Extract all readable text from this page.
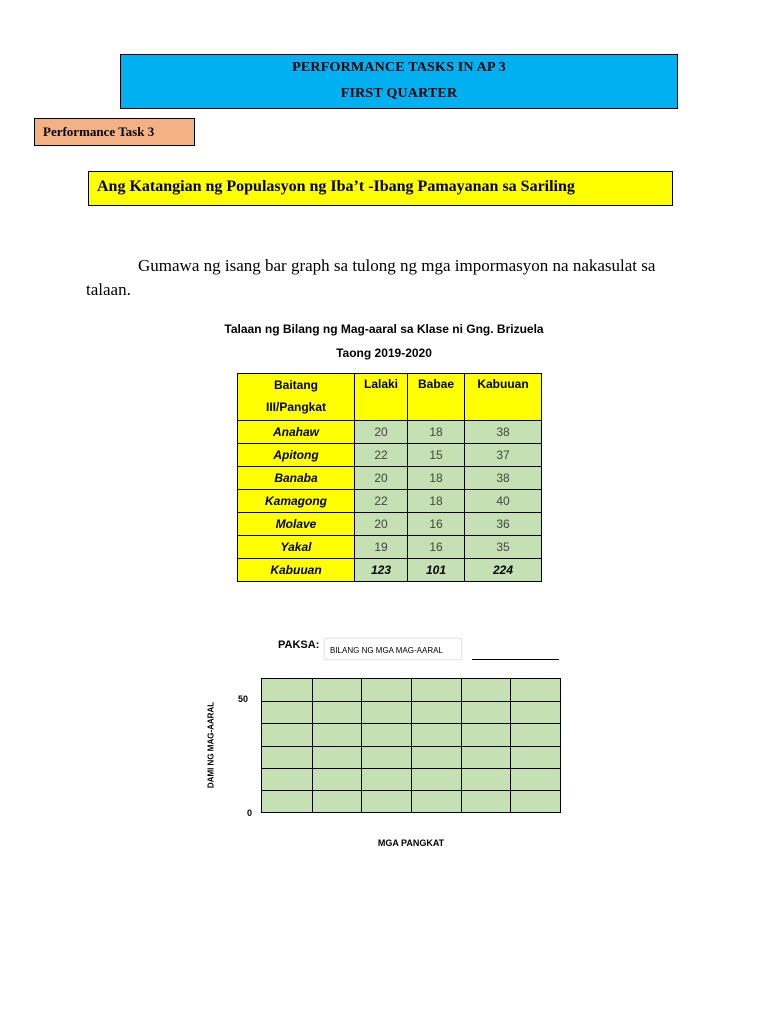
PERFORMANCE TASKS IN AP 3
FIRST QUARTER
Performance Task 3
Ang Katangian ng Populasyon ng Iba’t -Ibang Pamayanan sa Sariling
Gumawa ng isang bar graph sa tulong ng mga impormasyon na nakasulat sa talaan.
Talaan ng Bilang ng Mag-aaral sa Klase ni Gng. Brizuela
Taong 2019-2020
Baitang
III/Pangkat	Lalaki	Babae	Kabuuan
Anahaw	20	18	38
Apitong	22	15	37
Banaba	20	18	38
Kamagong	22	18	40
Molave	20	16	36
Yakal	19	16	35
Kabuuan	123	101	224
PAKSA:	BILANG NG MGA MAG-AARAL
DAMI NG MAG-AARAL
50
0
MGA PANGKAT
